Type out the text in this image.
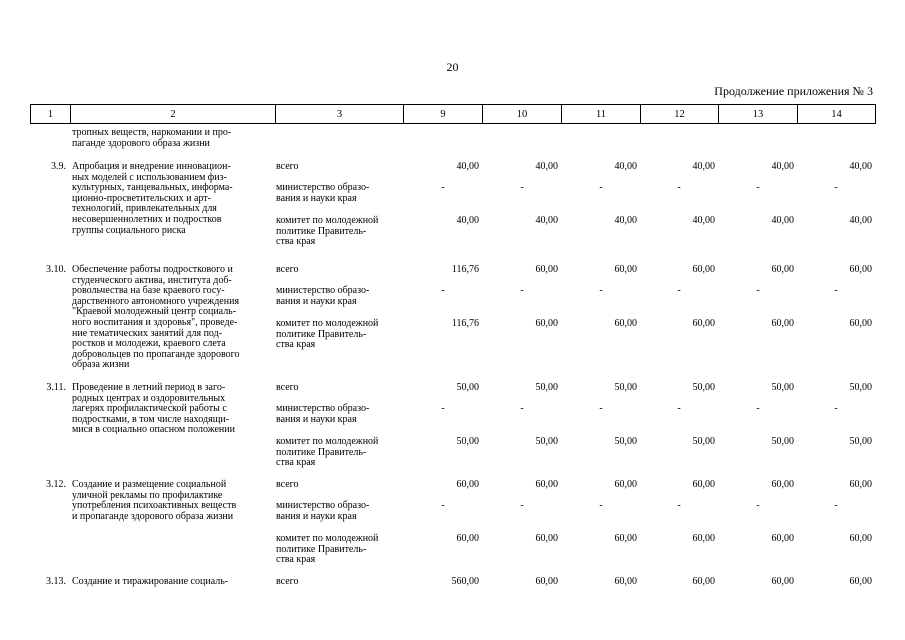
20
Продолжение приложения № 3
1	2	3	9	10	11	12	13	14
тропных веществ, наркомании и про-
паганде здорового образа жизни
3.9. Апробация и внедрение инновацион-
ных моделей с использованием физ-
культурных, танцевальных, информа-
ционно-просветительских и арт-
технологий, привлекательных для
несовершеннолетних и подростков
группы социального риска
всего	40,00	40,00	40,00	40,00	40,00	40,00
министерство образо-
вания и науки края
-	-	-	-	-	-
комитет по молодежной
политике Правитель-
ства края
40,00	40,00	40,00	40,00	40,00	40,00
3.10. Обеспечение работы подросткового и
студенческого актива, института доб-
ровольчества на базе краевого госу-
дарственного автономного учреждения
"Краевой молодежный центр социаль-
ного воспитания и здоровья", проведе-
ние тематических занятий для под-
ростков и молодежи, краевого слета
добровольцев по пропаганде здорового
образа жизни
всего	116,76	60,00	60,00	60,00	60,00	60,00
министерство образо-
вания и науки края
-	-	-	-	-	-
комитет по молодежной
политике Правитель-
ства края
116,76	60,00	60,00	60,00	60,00	60,00
3.11. Проведение в летний период в заго-
родных центрах и оздоровительных
лагерях профилактической работы с
подростками, в том числе находящи-
мися в социально опасном положении
всего	50,00	50,00	50,00	50,00	50,00	50,00
министерство образо-
вания и науки края
-	-	-	-	-	-
комитет по молодежной
политике Правитель-
ства края
50,00	50,00	50,00	50,00	50,00	50,00
3.12. Создание и размещение социальной
уличной рекламы по профилактике
употребления психоактивных веществ
и пропаганде здорового образа жизни
всего	60,00	60,00	60,00	60,00	60,00	60,00
министерство образо-
вания и науки края
-	-	-	-	-	-
комитет по молодежной
политике Правитель-
ства края
60,00	60,00	60,00	60,00	60,00	60,00
3.13. Создание и тиражирование социаль-	всего	560,00	60,00	60,00	60,00	60,00	60,00
